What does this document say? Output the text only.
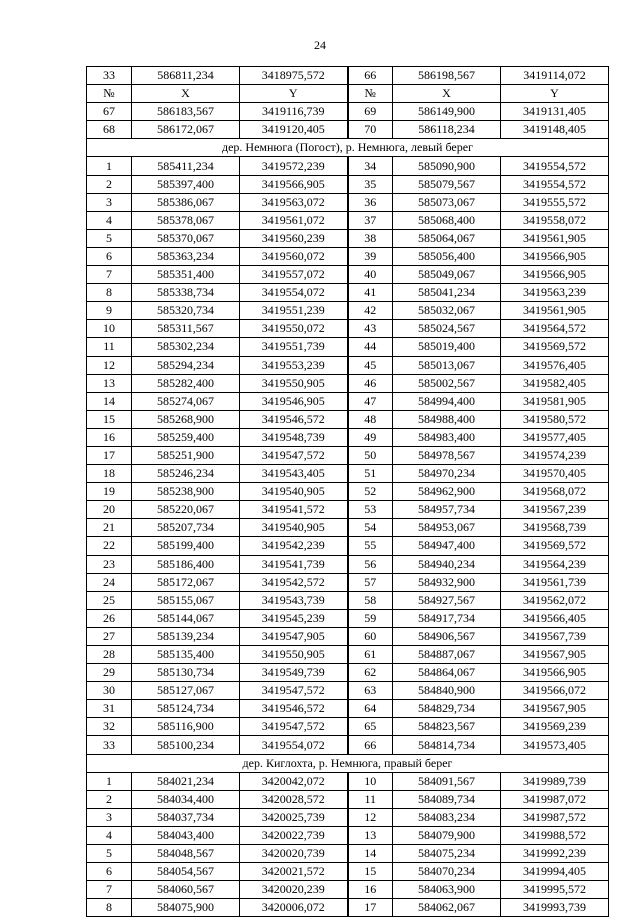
24
33	586811,234	3418975,572	66	586198,567	3419114,072
№	X	Y	№	X	Y
67	586183,567	3419116,739	69	586149,900	3419131,405
68	586172,067	3419120,405	70	586118,234	3419148,405
дер. Немнюга (Погост), р. Немнюга, левый берег					
1	585411,234	3419572,239	34	585090,900	3419554,572
2	585397,400	3419566,905	35	585079,567	3419554,572
3	585386,067	3419563,072	36	585073,067	3419555,572
4	585378,067	3419561,072	37	585068,400	3419558,072
5	585370,067	3419560,239	38	585064,067	3419561,905
6	585363,234	3419560,072	39	585056,400	3419566,905
7	585351,400	3419557,072	40	585049,067	3419566,905
8	585338,734	3419554,072	41	585041,234	3419563,239
9	585320,734	3419551,239	42	585032,067	3419561,905
10	585311,567	3419550,072	43	585024,567	3419564,572
11	585302,234	3419551,739	44	585019,400	3419569,572
12	585294,234	3419553,239	45	585013,067	3419576,405
13	585282,400	3419550,905	46	585002,567	3419582,405
14	585274,067	3419546,905	47	584994,400	3419581,905
15	585268,900	3419546,572	48	584988,400	3419580,572
16	585259,400	3419548,739	49	584983,400	3419577,405
17	585251,900	3419547,572	50	584978,567	3419574,239
18	585246,234	3419543,405	51	584970,234	3419570,405
19	585238,900	3419540,905	52	584962,900	3419568,072
20	585220,067	3419541,572	53	584957,734	3419567,239
21	585207,734	3419540,905	54	584953,067	3419568,739
22	585199,400	3419542,239	55	584947,400	3419569,572
23	585186,400	3419541,739	56	584940,234	3419564,239
24	585172,067	3419542,572	57	584932,900	3419561,739
25	585155,067	3419543,739	58	584927,567	3419562,072
26	585144,067	3419545,239	59	584917,734	3419566,405
27	585139,234	3419547,905	60	584906,567	3419567,739
28	585135,400	3419550,905	61	584887,067	3419567,905
29	585130,734	3419549,739	62	584864,067	3419566,905
30	585127,067	3419547,572	63	584840,900	3419566,072
31	585124,734	3419546,572	64	584829,734	3419567,905
32	585116,900	3419547,572	65	584823,567	3419569,239
33	585100,234	3419554,072	66	584814,734	3419573,405
дер. Киглохта, р. Немнюга, правый берег					
1	584021,234	3420042,072	10	584091,567	3419989,739
2	584034,400	3420028,572	11	584089,734	3419987,072
3	584037,734	3420025,739	12	584083,234	3419987,572
4	584043,400	3420022,739	13	584079,900	3419988,572
5	584048,567	3420020,739	14	584075,234	3419992,239
6	584054,567	3420021,572	15	584070,234	3419994,405
7	584060,567	3420020,239	16	584063,900	3419995,572
8	584075,900	3420006,072	17	584062,067	3419993,739
